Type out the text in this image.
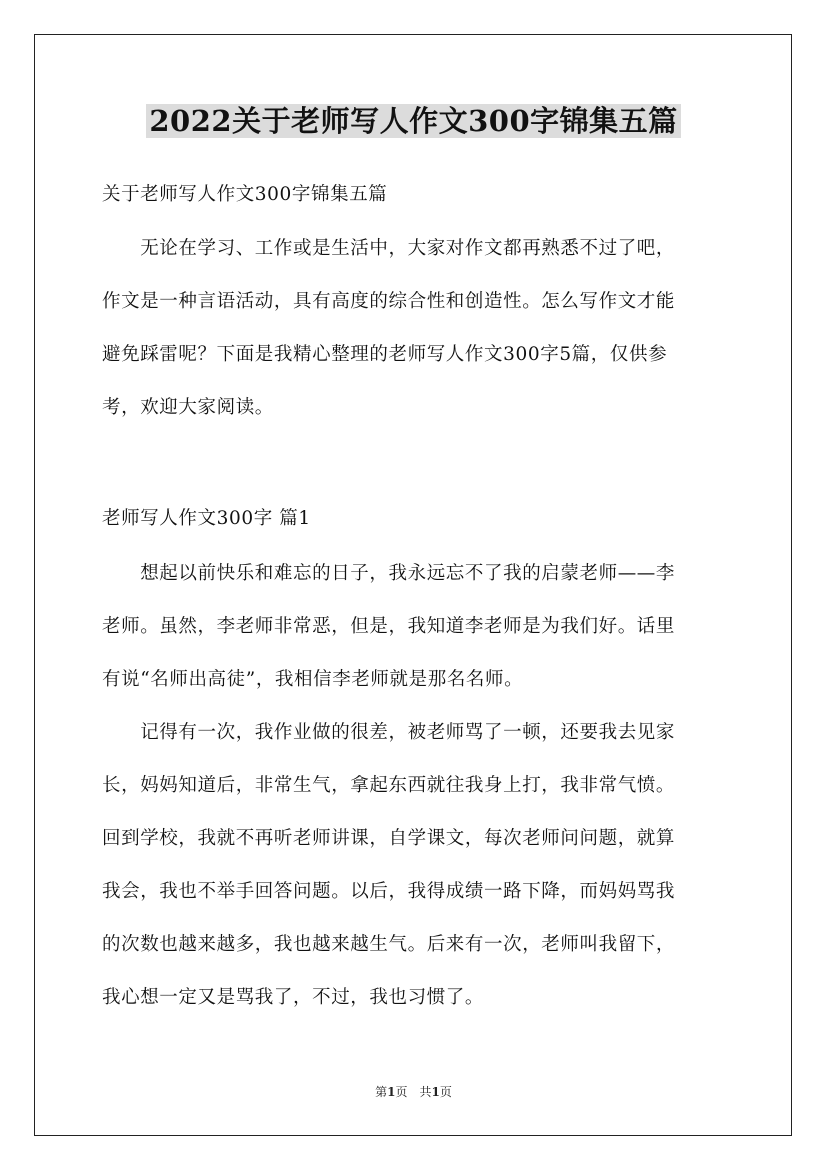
2022关于老师写人作文300字锦集五篇
关于老师写人作文300字锦集五篇
　　无论在学习、工作或是生活中，大家对作文都再熟悉不过了吧，
作文是一种言语活动，具有高度的综合性和创造性。怎么写作文才能
避免踩雷呢？下面是我精心整理的老师写人作文300字5篇，仅供参
考，欢迎大家阅读。
老师写人作文300字 篇1
　　想起以前快乐和难忘的日子，我永远忘不了我的启蒙老师——李
老师。虽然，李老师非常恶，但是，我知道李老师是为我们好。话里
有说“名师出高徒”，我相信李老师就是那名名师。
　　记得有一次，我作业做的很差，被老师骂了一顿，还要我去见家
长，妈妈知道后，非常生气，拿起东西就往我身上打，我非常气愤。
回到学校，我就不再听老师讲课，自学课文，每次老师问问题，就算
我会，我也不举手回答问题。以后，我得成绩一路下降，而妈妈骂我
的次数也越来越多，我也越来越生气。后来有一次，老师叫我留下，
我心想一定又是骂我了，不过，我也习惯了。
第1页　共1页
